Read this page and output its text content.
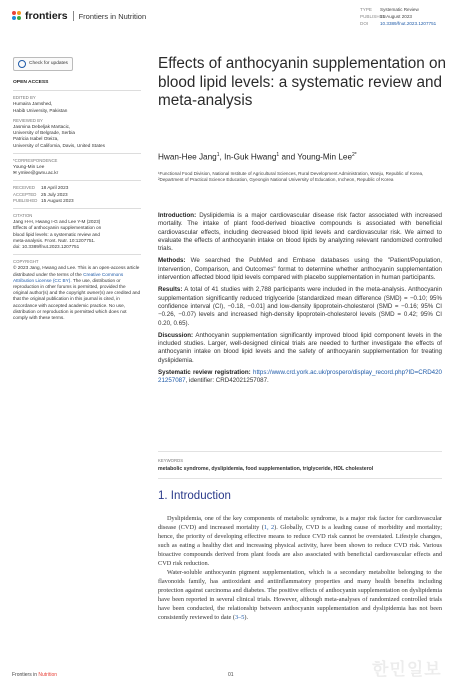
frontiers Frontiers in Nutrition
TYPE Systematic Review
PUBLISHED15 August 2023
DOI	10.3389/fnut.2023.1207751
Check for updates
OPEN ACCESS
EDITED BY
Humaira Jamshed,
Habib University, Pakistan
REVIEWED BY
Jasmina Debeljak Martacic,
University of Belgrade, Serbia
Patricia Isabel Oteiza,
University of California, Davis, United States
*CORRESPONDENCE
Young-Min Lee
✉ ymlee@gwnu.ac.kr
RECEIVED	18 April 2023
ACCEPTED 25 July 2023
PUBLISHED 15 August 2023
CITATION
Jang H-H, Hwang I-G and Lee Y-M (2023)
Effects of anthocyanin supplementation on
blood lipid levels: a systematic review and
meta-analysis. Front. Nutr. 10:1207751.
doi: 10.3389/fnut.2023.1207751
COPYRIGHT
© 2023 Jang, Hwang and Lee. This is an open-access article distributed under the terms of the Creative Commons Attribution License (CC BY). The use, distribution or reproduction in other forums is permitted, provided the original author(s) and the copyright owner(s) are credited and that the original publication in this journal is cited, in accordance with accepted academic practice. No use, distribution or reproduction is permitted which does not comply with these terms.
Effects of anthocyanin supplementation on blood lipid levels: a systematic review and meta-analysis
Hwan-Hee Jang$^1$, In-Guk Hwang$^1$ and Young-Min Lee$^{2*}$
¹Functional Food Division, National Institute of Agricultural Sciences, Rural Development Administration, Wanju, Republic of Korea, ²Department of Practical Science Education, Gyeongin National University of Education, Incheon, Republic of Korea

Introduction: Dyslipidemia is a major cardiovascular disease risk factor associated with increased mortality. The intake of plant food-derived bioactive compounds is associated with beneficial cardiovascular effects, including decreased blood lipid levels and cardiovascular risk. We aimed to evaluate the effects of anthocyanin intake on blood lipids by analyzing relevant randomized controlled trials.

Methods: We searched the PubMed and Embase databases using the "Patient/Population, Intervention, Comparison, and Outcomes" format to determine whether anthocyanin supplementation intervention affected blood lipid levels compared with placebo supplementation in human participants.

Results: A total of 41 studies with 2,788 participants were included in the meta-analysis. Anthocyanin supplementation significantly reduced triglyceride [standardized mean difference (SMD) = −0.10; 95% confidence interval (CI), −0.18, −0.01] and low-density lipoprotein-cholesterol (SMD = −0.16; 95% CI −0.26, −0.07) levels and increased high-density lipoprotein-cholesterol levels (SMD = 0.42; 95% CI 0.20, 0.65).

Discussion: Anthocyanin supplementation significantly improved blood lipid component levels in the included studies. Larger, well-designed clinical trials are needed to further investigate the effects of anthocyanin intake on blood lipid levels and the safety of anthocyanin supplementation for treating dyslipidemia.

Systematic review registration: https://www.crd.york.ac.uk/prospero/display_record.php?ID=CRD42021257087, identifier: CRD42021257087.

KEYWORDS
metabolic syndrome, dyslipidemia, food supplementation, triglyceride, HDL cholesterol
1. Introduction

Dyslipidemia, one of the key components of metabolic syndrome, is a major risk factor for cardiovascular disease (CVD) and increased mortality (1, 2). Globally, CVD is a leading cause of morbidity and mortality; hence, the priority of developing effective means to reduce CVD risk cannot be overstated. Lifestyle changes, such as eating a healthy diet and increasing physical activity, have been shown to reduce CVD risk. Various bioactive compounds derived from plant foods are also associated with beneficial cardiovascular effects and CVD risk reduction.

Water-soluble anthocyanin pigment supplementation, which is a secondary metabolite belonging to the flavonoids family, has antioxidant and antiinflammatory properties and many health benefits including protection against carcinoma and diabetes. The positive effects of anthocyanin supplementation on dyslipidemia have been reported in several clinical trials. However, although meta-analyses of randomized controlled trials have been conducted, the relationship between anthocyanin supplementation and dyslipidemia has not been consistently reviewed to date (3–5).

Frontiers in Nutrition	01	한민일보
